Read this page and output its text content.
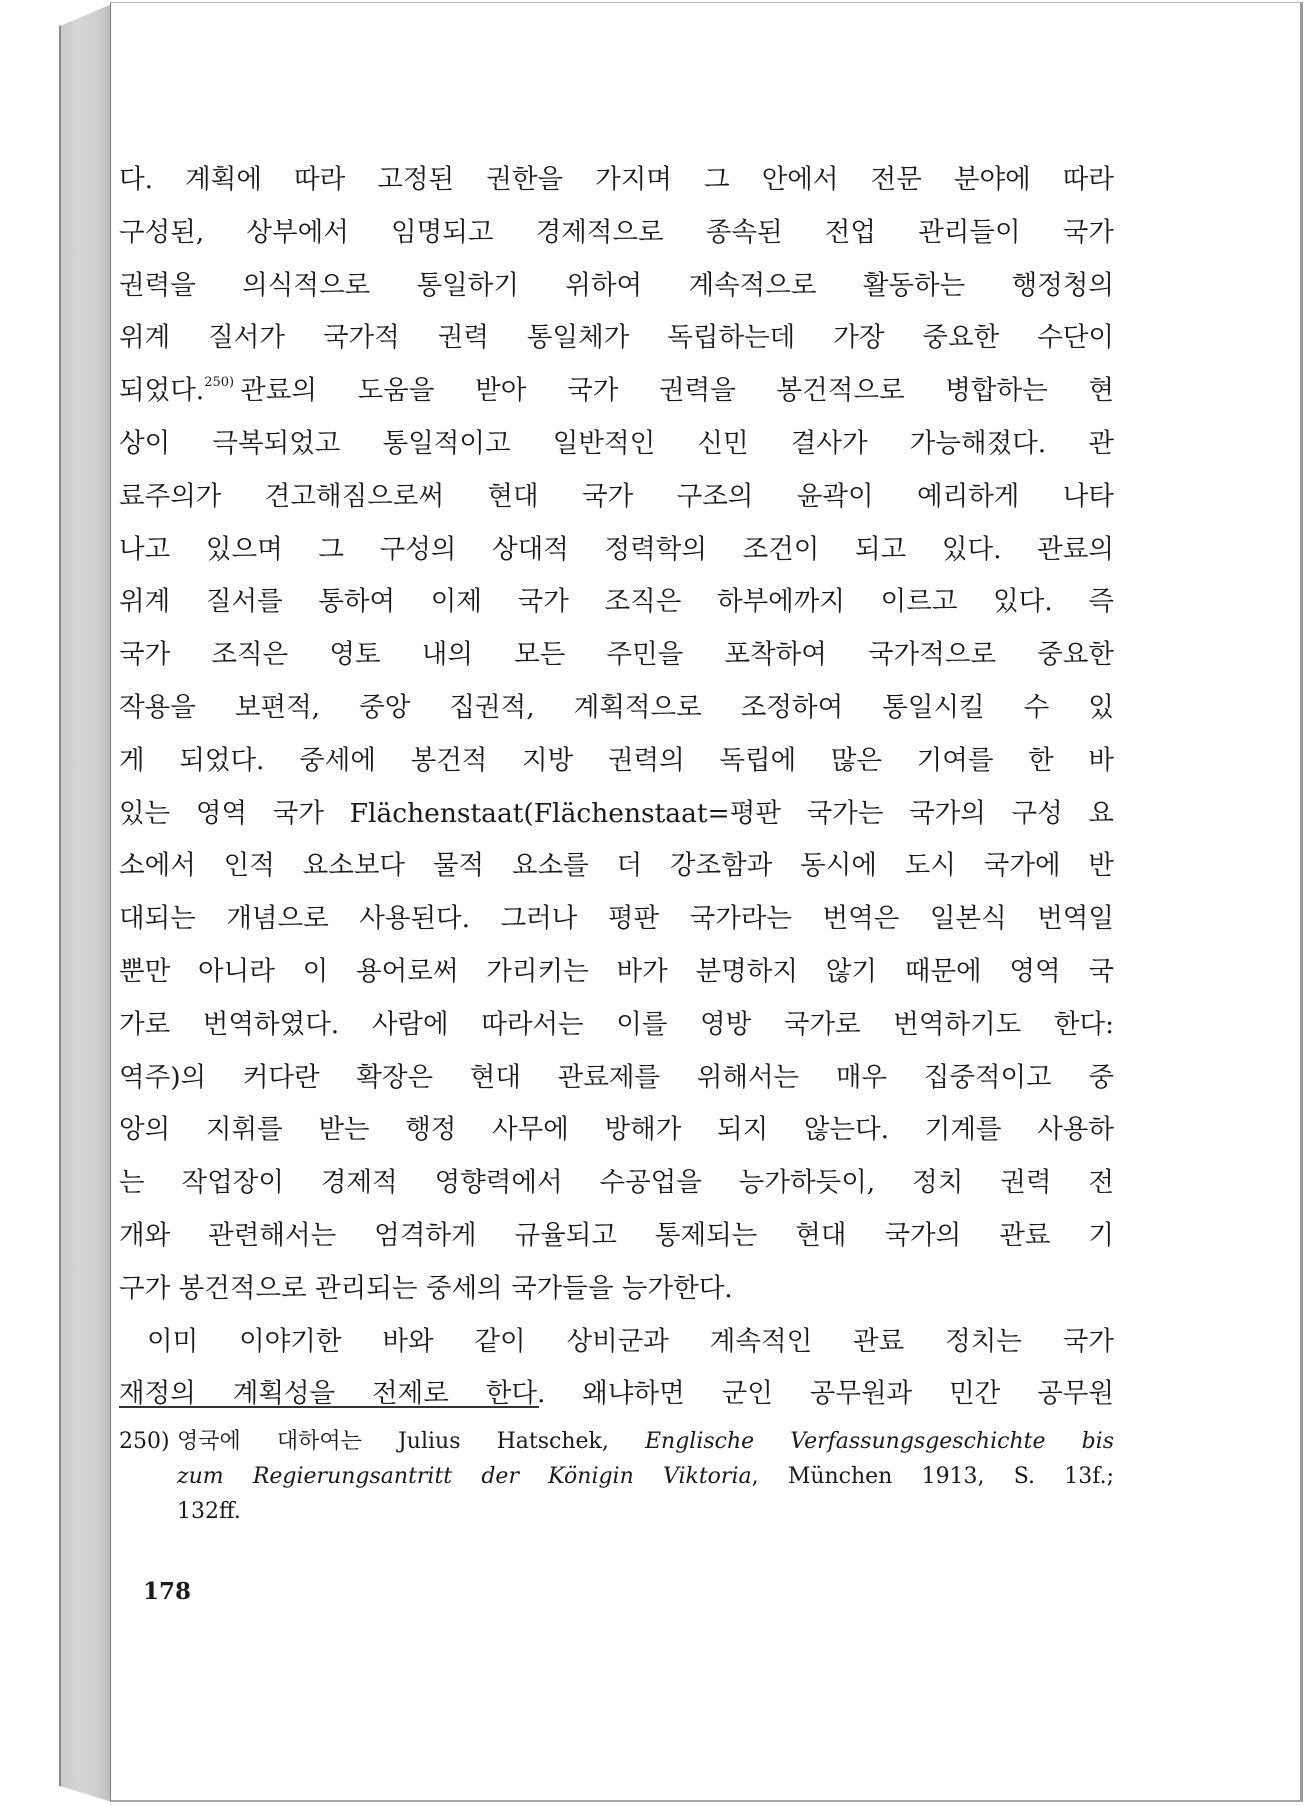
다. 계획에 따라 고정된 권한을 가지며 그 안에서 전문 분야에 따라
구성된, 상부에서 임명되고 경제적으로 종속된 전업 관리들이 국가
권력을 의식적으로 통일하기 위하여 계속적으로 활동하는 행정청의
위계 질서가 국가적 권력 통일체가 독립하는데 가장 중요한 수단이
되었다.$^{250)}$ 관료의 도움을 받아 국가 권력을 봉건적으로 병합하는 현
상이 극복되었고 통일적이고 일반적인 신민 결사가 가능해졌다. 관
료주의가 견고해짐으로써 현대 국가 구조의 윤곽이 예리하게 나타
나고 있으며 그 구성의 상대적 정력학의 조건이 되고 있다. 관료의
위계 질서를 통하여 이제 국가 조직은 하부에까지 이르고 있다. 즉
국가 조직은 영토 내의 모든 주민을 포착하여 국가적으로 중요한
작용을 보편적, 중앙 집권적, 계획적으로 조정하여 통일시킬 수 있
게 되었다. 중세에 봉건적 지방 권력의 독립에 많은 기여를 한 바
있는 영역 국가 Flächenstaat(Flächenstaat=평판 국가는 국가의 구성 요
소에서 인적 요소보다 물적 요소를 더 강조함과 동시에 도시 국가에 반
대되는 개념으로 사용된다. 그러나 평판 국가라는 번역은 일본식 번역일
뿐만 아니라 이 용어로써 가리키는 바가 분명하지 않기 때문에 영역 국
가로 번역하였다. 사람에 따라서는 이를 영방 국가로 번역하기도 한다:
역주)의 커다란 확장은 현대 관료제를 위해서는 매우 집중적이고 중
앙의 지휘를 받는 행정 사무에 방해가 되지 않는다. 기계를 사용하
는 작업장이 경제적 영향력에서 수공업을 능가하듯이, 정치 권력 전
개와 관련해서는 엄격하게 규율되고 통제되는 현대 국가의 관료 기
구가 봉건적으로 관리되는 중세의 국가들을 능가한다.
이미 이야기한 바와 같이 상비군과 계속적인 관료 정치는 국가
재정의 계획성을 전제로 한다. 왜냐하면 군인 공무원과 민간 공무원
250) 영국에 대하여는 Julius Hatschek, Englische Verfassungsgeschichte bis
zum Regierungsantritt der Königin Viktoria, München 1913, S. 13f.;
132ff.
178
